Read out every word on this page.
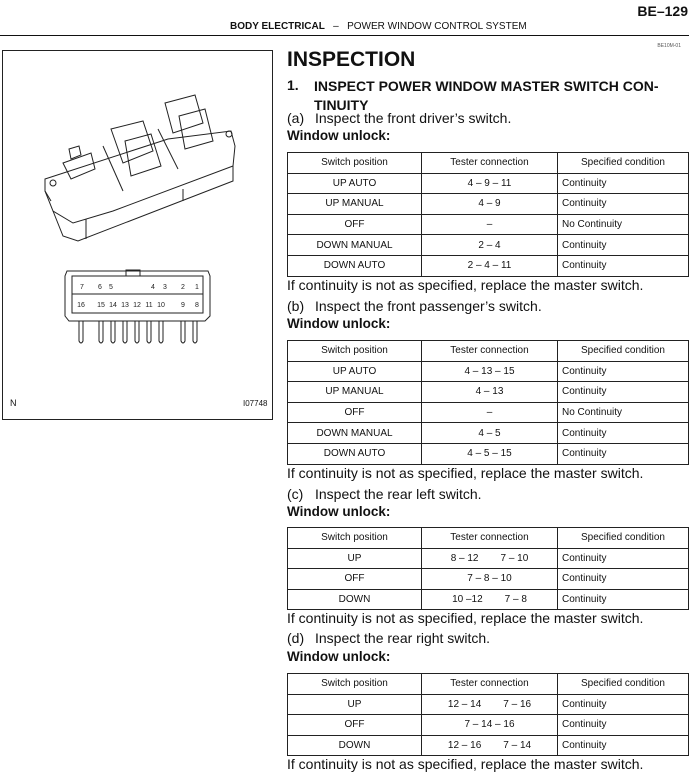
BE–129
BODY ELECTRICAL – POWER WINDOW CONTROL SYSTEM
BE10M-01
7 6 5	4 3 2 1
16 15 14 13 12 11 10 9 8
N	I07748
INSPECTION
1. INSPECT POWER WINDOW MASTER SWITCH CON-TINUITY
(a) Inspect the front driver’s switch.
Window unlock:
Switch position	Tester connection	Specified condition
UP AUTO	4 – 9 – 11	Continuity
UP MANUAL	4 – 9	Continuity
OFF	–	No Continuity
DOWN MANUAL	2 – 4	Continuity
DOWN AUTO	2 – 4 – 11	Continuity
If continuity is not as specified, replace the master switch.
(b) Inspect the front passenger’s switch.
Window unlock:
Switch position	Tester connection	Specified condition
UP AUTO	4 – 13 – 15	Continuity
UP MANUAL	4 – 13	Continuity
OFF	–	No Continuity
DOWN MANUAL	4 – 5	Continuity
DOWN AUTO	4 – 5 – 15	Continuity
If continuity is not as specified, replace the master switch.
(c) Inspect the rear left switch.
Window unlock:
Switch position	Tester connection	Specified condition
UP	8 – 12 7 – 10	Continuity
OFF	7 – 8 – 10	Continuity
DOWN	10 –12 7 – 8	Continuity
If continuity is not as specified, replace the master switch.
(d) Inspect the rear right switch.
Window unlock:
Switch position	Tester connection	Specified condition
UP	12 – 14 7 – 16	Continuity
OFF	7 – 14 – 16	Continuity
DOWN	12 – 16 7 – 14	Continuity
If continuity is not as specified, replace the master switch.
